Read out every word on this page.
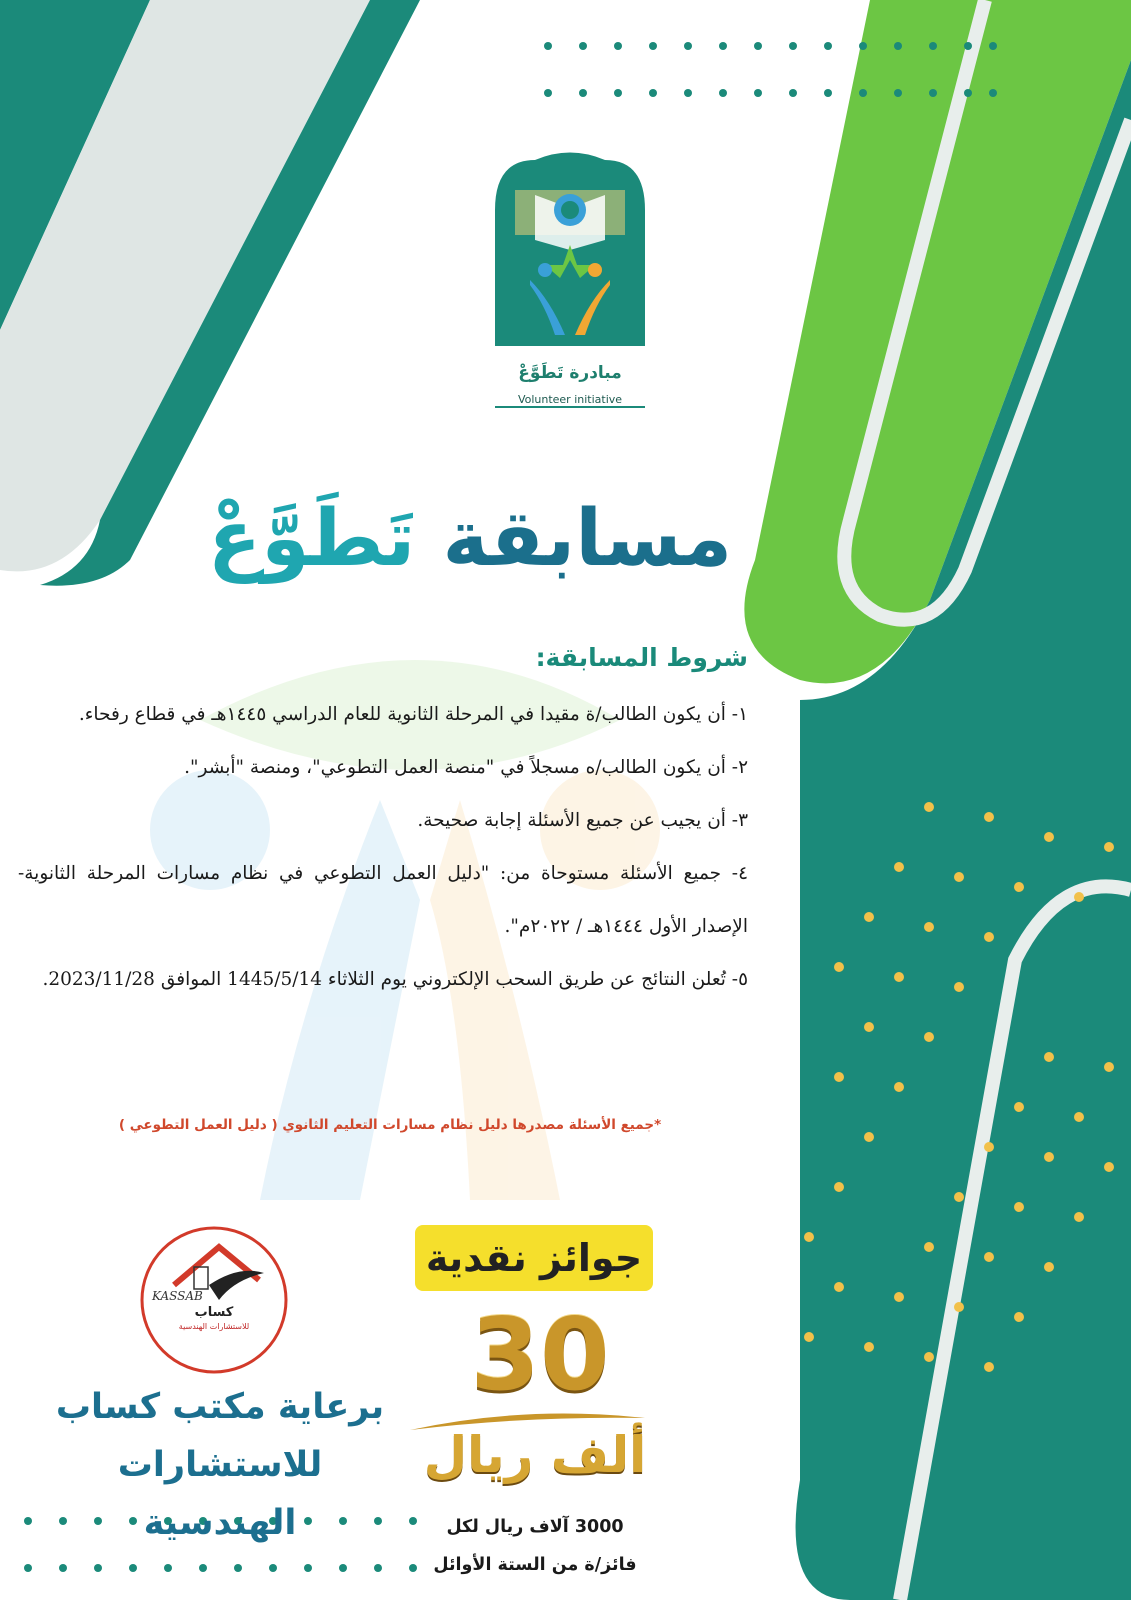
مبادرة تَطَوَّعْ
Volunteer initiative
مسابقة تَطَوَّعْ
شروط المسابقة:

١- أن يكون الطالب/ة مقيدا في المرحلة الثانوية للعام الدراسي ١٤٤٥هـ في قطاع رفحاء.

٢- أن يكون الطالب/ه مسجلاً في "منصة العمل التطوعي"، ومنصة "أبشر".

٣- أن يجيب عن جميع الأسئلة إجابة صحيحة.

٤- جميع الأسئلة مستوحاة من: "دليل العمل التطوعي في نظام مسارات المرحلة الثانوية- الإصدار الأول ١٤٤٤هـ / ٢٠٢٢م".

٥- تُعلن النتائج عن طريق السحب الإلكتروني يوم الثلاثاء 1445/5/14 الموافق 2023/11/28.

*جميع الأسئلة مصدرها دليل نظام مسارات التعليم الثانوي ( دليل العمل التطوعي )
جوائز نقدية
30
ألف ريال
3000 آلاف ريال لكل
فائز/ة من الستة الأوائل
KASSAB
كساب
للاستشارات الهندسية
برعاية مكتب كساب
للاستشارات الهندسية
